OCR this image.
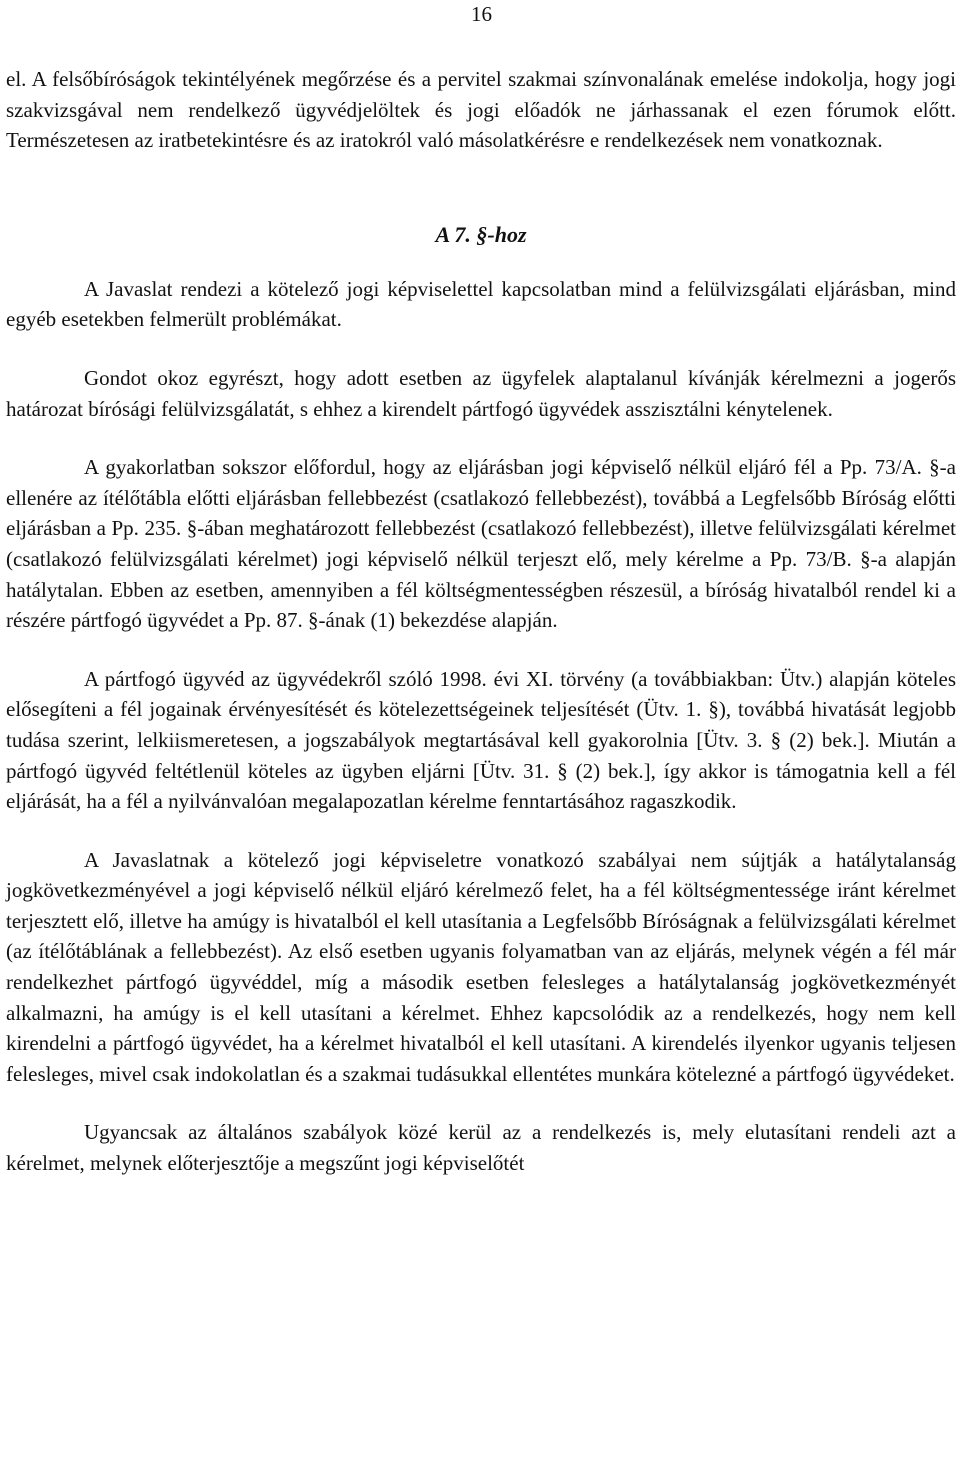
16

el. A felsőbíróságok tekintélyének megőrzése és a pervitel szakmai színvonalának emelése indokolja, hogy jogi szakvizsgával nem rendelkező ügyvédjelöltek és jogi előadók ne járhassanak el ezen fórumok előtt. Természetesen az iratbetekintésre és az iratokról való másolatkérésre e rendelkezések nem vonatkoznak.

A 7. §-hoz

A Javaslat rendezi a kötelező jogi képviselettel kapcsolatban mind a felülvizsgálati eljárásban, mind egyéb esetekben felmerült problémákat.

Gondot okoz egyrészt, hogy adott esetben az ügyfelek alaptalanul kívánják kérelmezni a jogerős határozat bírósági felülvizsgálatát, s ehhez a kirendelt pártfogó ügyvédek asszisztálni kénytelenek.

A gyakorlatban sokszor előfordul, hogy az eljárásban jogi képviselő nélkül eljáró fél a Pp. 73/A. §-a ellenére az ítélőtábla előtti eljárásban fellebbezést (csatlakozó fellebbezést), továbbá a Legfelsőbb Bíróság előtti eljárásban a Pp. 235. §-ában meghatározott fellebbezést (csatlakozó fellebbezést), illetve felülvizsgálati kérelmet (csatlakozó felülvizsgálati kérelmet) jogi képviselő nélkül terjeszt elő, mely kérelme a Pp. 73/B. §-a alapján hatálytalan. Ebben az esetben, amennyiben a fél költségmentességben részesül, a bíróság hivatalból rendel ki a részére pártfogó ügyvédet a Pp. 87. §-ának (1) bekezdése alapján.

A pártfogó ügyvéd az ügyvédekről szóló 1998. évi XI. törvény (a továbbiakban: Ütv.) alapján köteles elősegíteni a fél jogainak érvényesítését és kötelezettségeinek teljesítését (Ütv. 1. §), továbbá hivatását legjobb tudása szerint, lelkiismeretesen, a jogszabályok megtartásával kell gyakorolnia [Ütv. 3. § (2) bek.]. Miután a pártfogó ügyvéd feltétlenül köteles az ügyben eljárni [Ütv. 31. § (2) bek.], így akkor is támogatnia kell a fél eljárását, ha a fél a nyilvánvalóan megalapozatlan kérelme fenntartásához ragaszkodik.

A Javaslatnak a kötelező jogi képviseletre vonatkozó szabályai nem sújtják a hatálytalanság jogkövetkezményével a jogi képviselő nélkül eljáró kérelmező felet, ha a fél költségmentessége iránt kérelmet terjesztett elő, illetve ha amúgy is hivatalból el kell utasítania a Legfelsőbb Bíróságnak a felülvizsgálati kérelmet (az ítélőtáblának a fellebbezést). Az első esetben ugyanis folyamatban van az eljárás, melynek végén a fél már rendelkezhet pártfogó ügyvéddel, míg a második esetben felesleges a hatálytalanság jogkövetkezményét alkalmazni, ha amúgy is el kell utasítani a kérelmet. Ehhez kapcsolódik az a rendelkezés, hogy nem kell kirendelni a pártfogó ügyvédet, ha a kérelmet hivatalból el kell utasítani. A kirendelés ilyenkor ugyanis teljesen felesleges, mivel csak indokolatlan és a szakmai tudásukkal ellentétes munkára kötelezné a pártfogó ügyvédeket.

Ugyancsak az általános szabályok közé kerül az a rendelkezés is, mely elutasítani rendeli azt a kérelmet, melynek előterjesztője a megszűnt jogi képviselőtét
